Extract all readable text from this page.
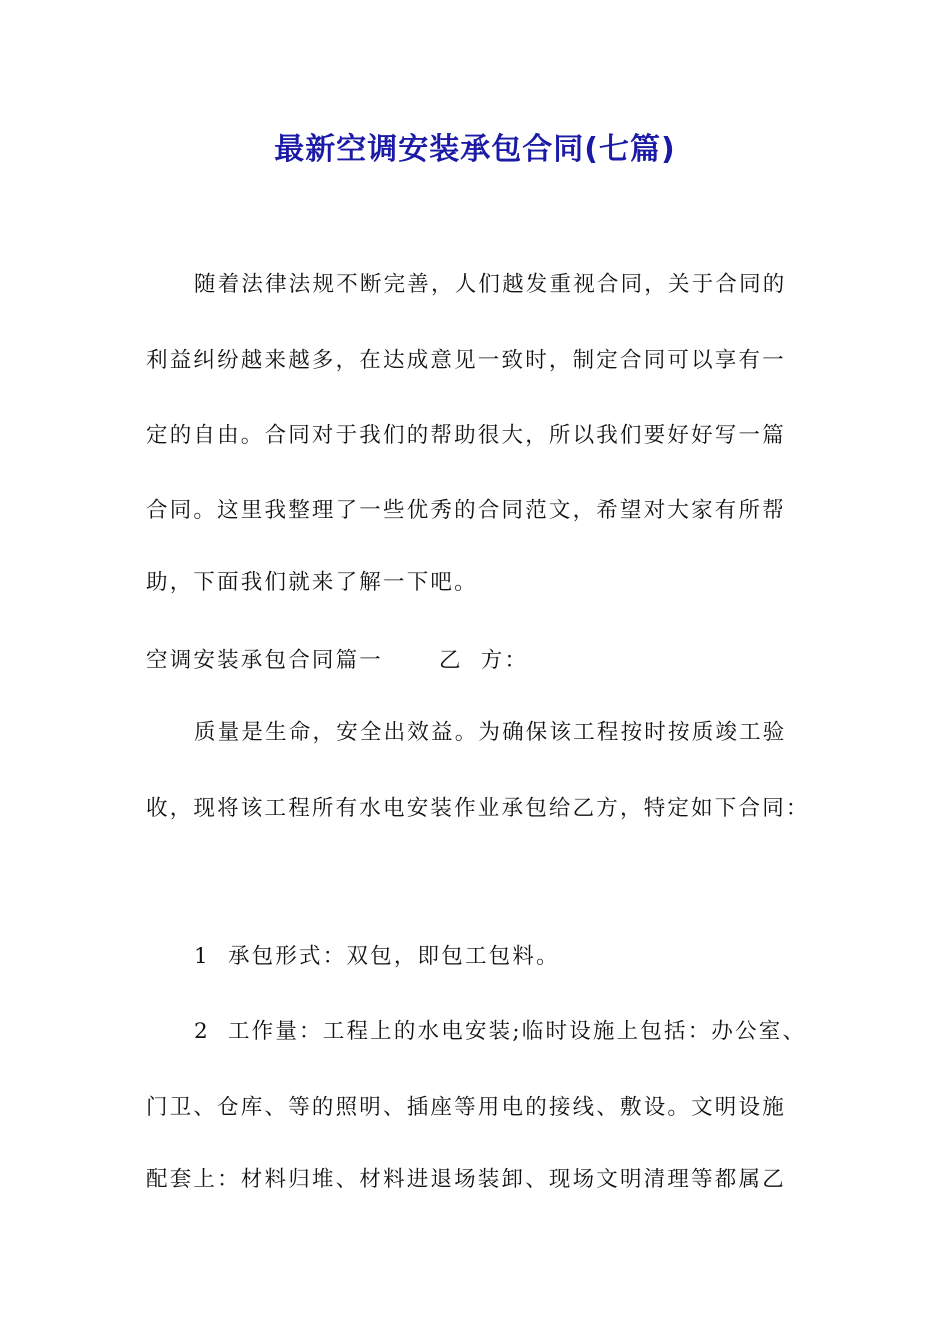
最新空调安装承包合同(七篇)
随着法律法规不断完善，人们越发重视合同，关于合同的
利益纠纷越来越多，在达成意见一致时，制定合同可以享有一
定的自由。合同对于我们的帮助很大，所以我们要好好写一篇
合同。这里我整理了一些优秀的合同范文，希望对大家有所帮
助，下面我们就来了解一下吧。
空调安装承包合同篇一	乙  方：
质量是生命，安全出效益。为确保该工程按时按质竣工验
收，现将该工程所有水电安装作业承包给乙方，特定如下合同：
1  承包形式：双包，即包工包料。
2  工作量：工程上的水电安装;临时设施上包括：办公室、
门卫、仓库、等的照明、插座等用电的接线、敷设。文明设施
配套上：材料归堆、材料进退场装卸、现场文明清理等都属乙
